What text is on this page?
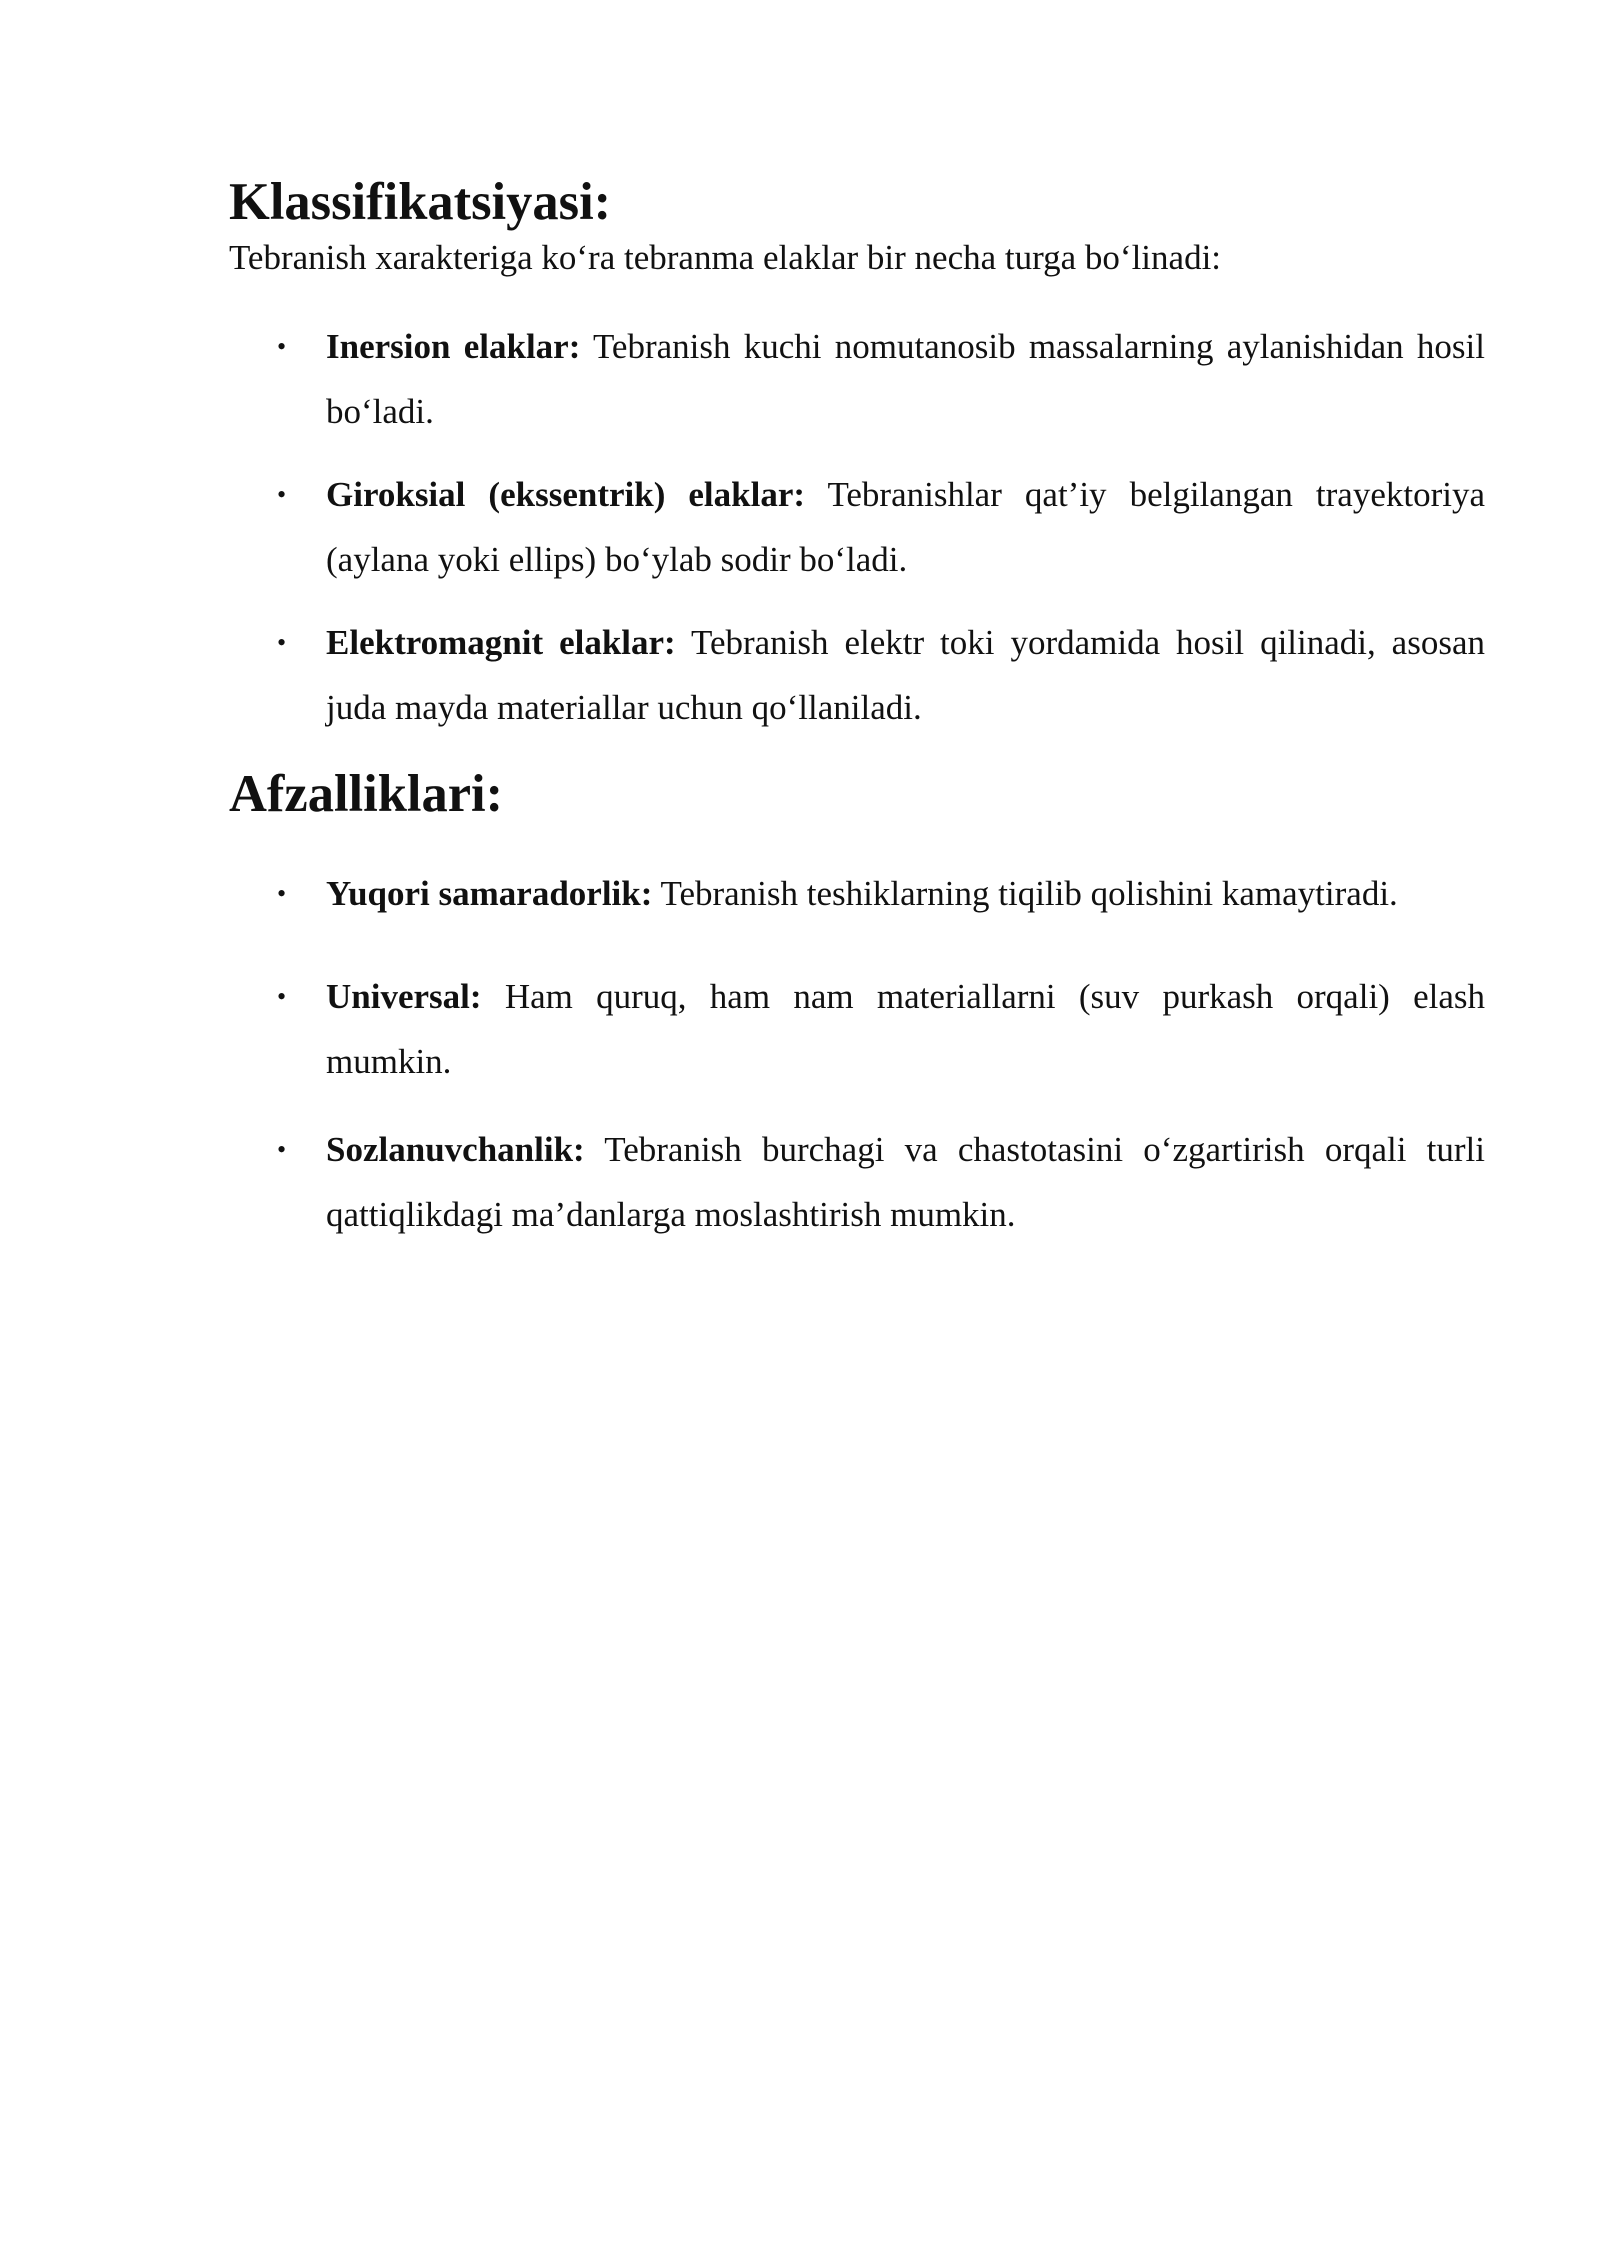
Klassifikatsiyasi:

Tebranish xarakteriga ko‘ra tebranma elaklar bir necha turga bo‘linadi:

• Inersion elaklar: Tebranish kuchi nomutanosib massalarning aylanishidan hosil bo‘ladi.
• Giroksial (ekssentrik) elaklar: Tebranishlar qat’iy belgilangan trayektoriya (aylana yoki ellips) bo‘ylab sodir bo‘ladi.
• Elektromagnit elaklar: Tebranish elektr toki yordamida hosil qilinadi, asosan juda mayda materiallar uchun qo‘llaniladi.
Afzalliklari:
• Yuqori samaradorlik: Tebranish teshiklarning tiqilib qolishini kamaytiradi.
• Universal: Ham quruq, ham nam materiallarni (suv purkash orqali) elash mumkin.
• Sozlanuvchanlik: Tebranish burchagi va chastotasini o‘zgartirish orqali turli qattiqlikdagi ma’danlarga moslashtirish mumkin.
